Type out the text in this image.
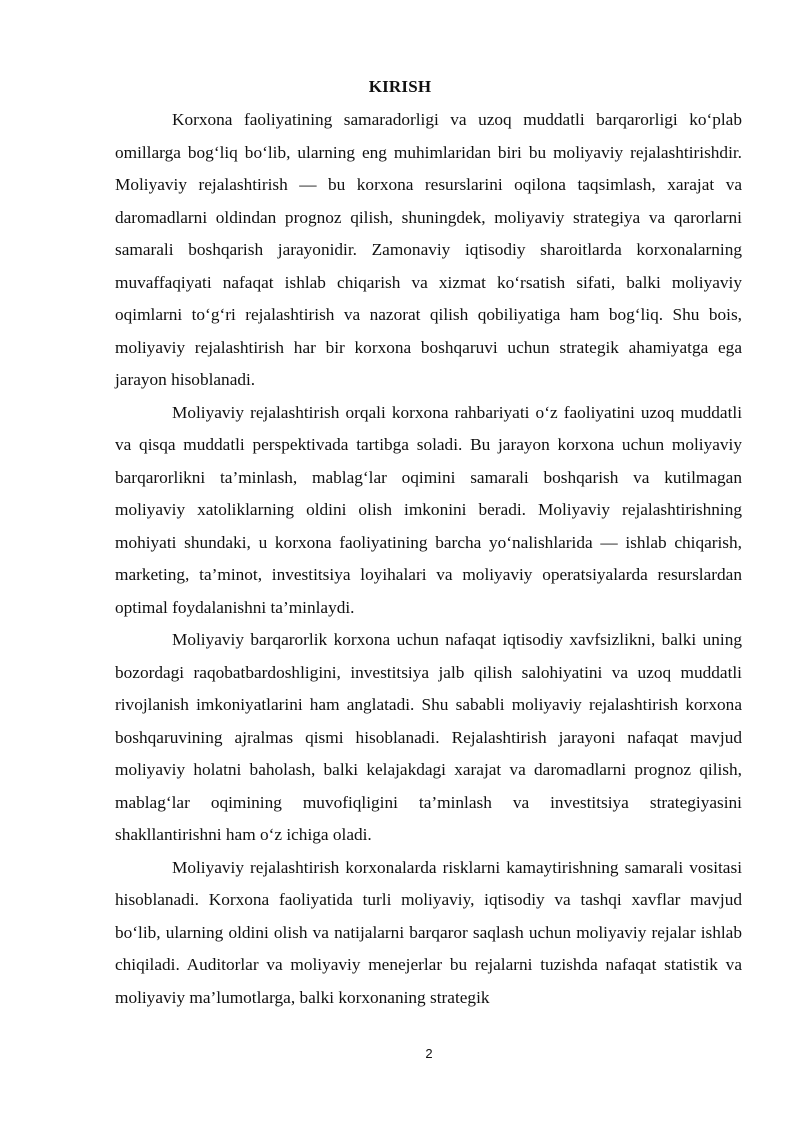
KIRISH

Korxona faoliyatining samaradorligi va uzoq muddatli barqarorligi ko‘plab omillarga bog‘liq bo‘lib, ularning eng muhimlaridan biri bu moliyaviy rejalashtirishdir. Moliyaviy rejalashtirish — bu korxona resurslarini oqilona taqsimlash, xarajat va daromadlarni oldindan prognoz qilish, shuningdek, moliyaviy strategiya va qarorlarni samarali boshqarish jarayonidir. Zamonaviy iqtisodiy sharoitlarda korxonalarning muvaffaqiyati nafaqat ishlab chiqarish va xizmat ko‘rsatish sifati, balki moliyaviy oqimlarni to‘g‘ri rejalashtirish va nazorat qilish qobiliyatiga ham bog‘liq. Shu bois, moliyaviy rejalashtirish har bir korxona boshqaruvi uchun strategik ahamiyatga ega jarayon hisoblanadi.

Moliyaviy rejalashtirish orqali korxona rahbariyati o‘z faoliyatini uzoq muddatli va qisqa muddatli perspektivada tartibga soladi. Bu jarayon korxona uchun moliyaviy barqarorlikni ta’minlash, mablag‘lar oqimini samarali boshqarish va kutilmagan moliyaviy xatoliklarning oldini olish imkonini beradi. Moliyaviy rejalashtirishning mohiyati shundaki, u korxona faoliyatining barcha yo‘nalishlarida — ishlab chiqarish, marketing, ta’minot, investitsiya loyihalari va moliyaviy operatsiyalarda resurslardan optimal foydalanishni ta’minlaydi.

Moliyaviy barqarorlik korxona uchun nafaqat iqtisodiy xavfsizlikni, balki uning bozordagi raqobatbardoshligini, investitsiya jalb qilish salohiyatini va uzoq muddatli rivojlanish imkoniyatlarini ham anglatadi. Shu sababli moliyaviy rejalashtirish korxona boshqaruvining ajralmas qismi hisoblanadi. Rejalashtirish jarayoni nafaqat mavjud moliyaviy holatni baholash, balki kelajakdagi xarajat va daromadlarni prognoz qilish, mablag‘lar oqimining muvofiqligini ta’minlash va investitsiya strategiyasini shakllantirishni ham o‘z ichiga oladi.

Moliyaviy rejalashtirish korxonalarda risklarni kamaytirishning samarali vositasi hisoblanadi. Korxona faoliyatida turli moliyaviy, iqtisodiy va tashqi xavflar mavjud bo‘lib, ularning oldini olish va natijalarni barqaror saqlash uchun moliyaviy rejalar ishlab chiqiladi. Auditorlar va moliyaviy menejerlar bu rejalarni tuzishda nafaqat statistik va moliyaviy ma’lumotlarga, balki korxonaning strategik

2
